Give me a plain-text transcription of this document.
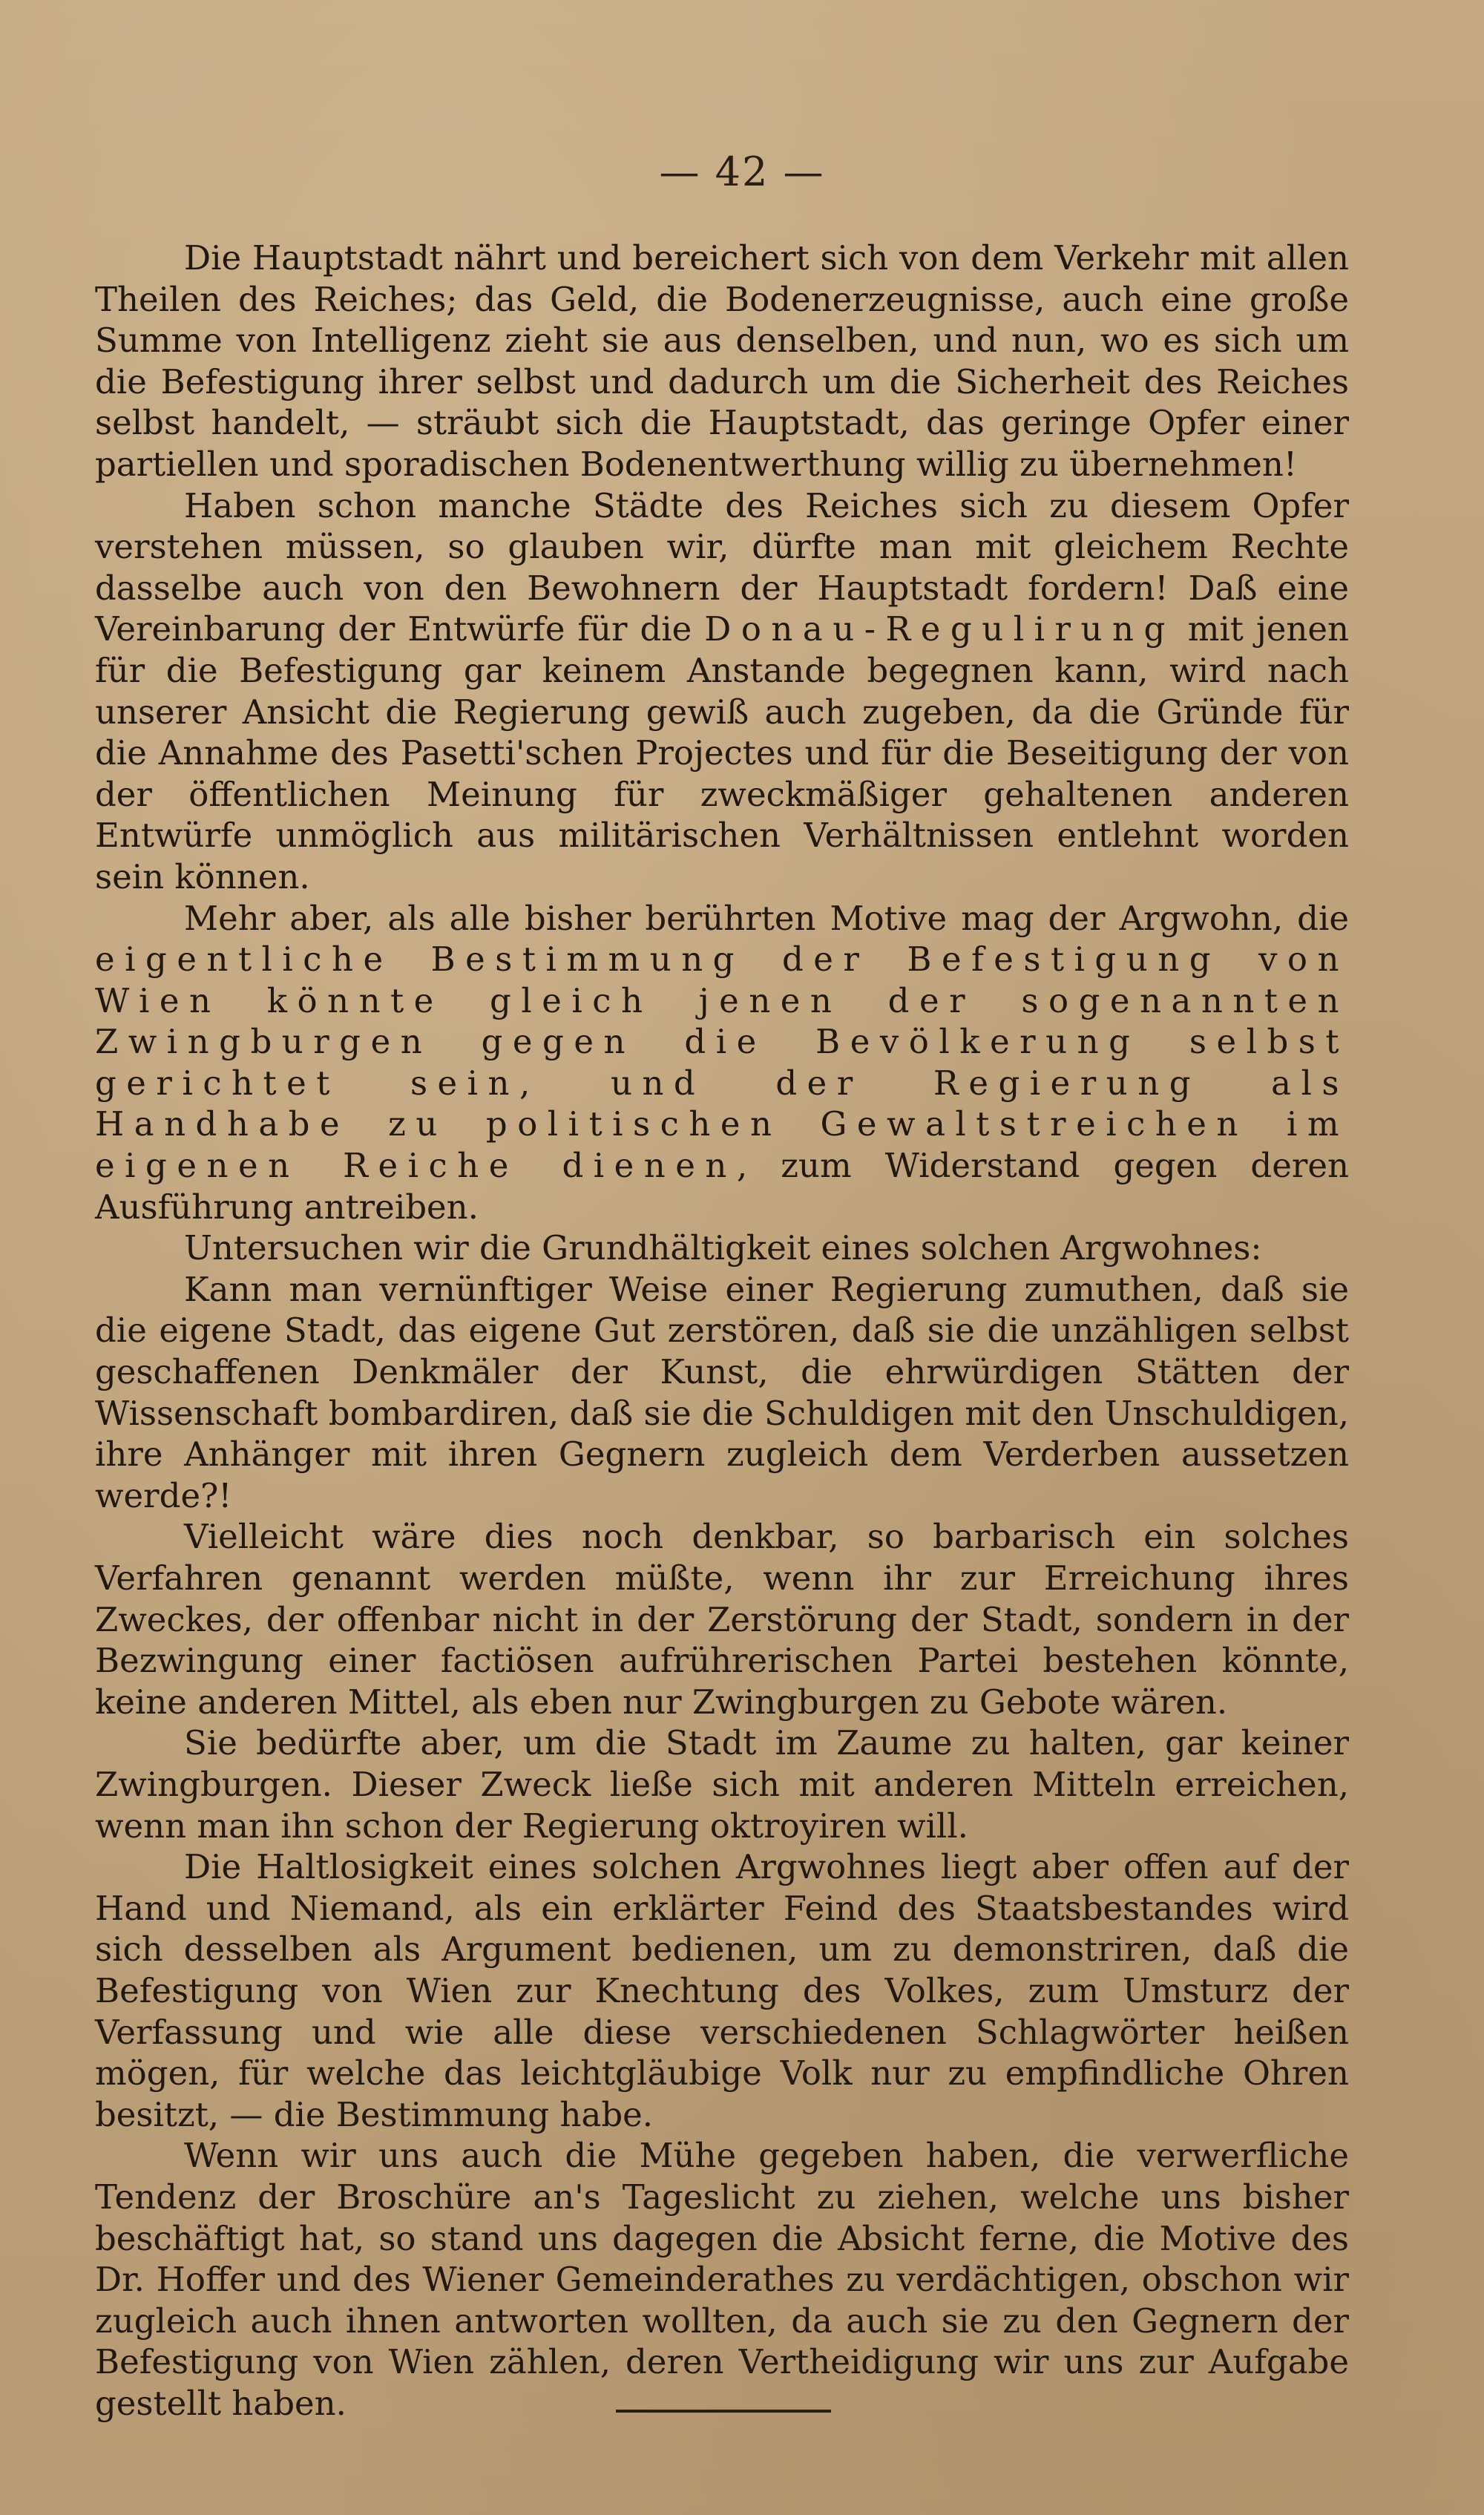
— 42 —

Die Hauptstadt nährt und bereichert sich von dem Verkehr mit allen Theilen des Reiches; das Geld, die Bodenerzeugnisse, auch eine große Summe von Intelligenz zieht sie aus denselben, und nun, wo es sich um die Befestigung ihrer selbst und dadurch um die Sicherheit des Reiches selbst handelt, — sträubt sich die Hauptstadt, das geringe Opfer einer partiellen und sporadischen Bodenentwerthung willig zu übernehmen!

Haben schon manche Städte des Reiches sich zu diesem Opfer verstehen müssen, so glauben wir, dürfte man mit gleichem Rechte dasselbe auch von den Bewohnern der Hauptstadt fordern! Daß eine Vereinbarung der Entwürfe für die Donau-Regulirung mit jenen für die Befestigung gar keinem Anstande begegnen kann, wird nach unserer Ansicht die Regierung gewiß auch zugeben, da die Gründe für die Annahme des Pasetti'schen Projectes und für die Beseitigung der von der öffentlichen Meinung für zweckmäßiger gehaltenen anderen Entwürfe unmöglich aus militärischen Verhältnissen entlehnt worden sein können.

Mehr aber, als alle bisher berührten Motive mag der Argwohn, die eigentliche Bestimmung der Befestigung von Wien könnte gleich jenen der sogenannten Zwingburgen gegen die Bevölkerung selbst gerichtet sein, und der Regierung als Handhabe zu politischen Gewaltstreichen im eigenen Reiche dienen, zum Widerstand gegen deren Ausführung antreiben.

Untersuchen wir die Grundhältigkeit eines solchen Argwohnes:

Kann man vernünftiger Weise einer Regierung zumuthen, daß sie die eigene Stadt, das eigene Gut zerstören, daß sie die unzähligen selbst geschaffenen Denkmäler der Kunst, die ehrwürdigen Stätten der Wissenschaft bombardiren, daß sie die Schuldigen mit den Unschuldigen, ihre Anhänger mit ihren Gegnern zugleich dem Verderben aussetzen werde?!

Vielleicht wäre dies noch denkbar, so barbarisch ein solches Verfahren genannt werden müßte, wenn ihr zur Erreichung ihres Zweckes, der offenbar nicht in der Zerstörung der Stadt, sondern in der Bezwingung einer factiösen aufrührerischen Partei bestehen könnte, keine anderen Mittel, als eben nur Zwingburgen zu Gebote wären.

Sie bedürfte aber, um die Stadt im Zaume zu halten, gar keiner Zwingburgen. Dieser Zweck ließe sich mit anderen Mitteln erreichen, wenn man ihn schon der Regierung oktroyiren will.

Die Haltlosigkeit eines solchen Argwohnes liegt aber offen auf der Hand und Niemand, als ein erklärter Feind des Staatsbestandes wird sich desselben als Argument bedienen, um zu demonstriren, daß die Befestigung von Wien zur Knechtung des Volkes, zum Umsturz der Verfassung und wie alle diese verschiedenen Schlagwörter heißen mögen, für welche das leichtgläubige Volk nur zu empfindliche Ohren besitzt, — die Bestimmung habe.

Wenn wir uns auch die Mühe gegeben haben, die verwerfliche Tendenz der Broschüre an's Tageslicht zu ziehen, welche uns bisher beschäftigt hat, so stand uns dagegen die Absicht ferne, die Motive des Dr. Hoffer und des Wiener Gemeinderathes zu verdächtigen, obschon wir zugleich auch ihnen antworten wollten, da auch sie zu den Gegnern der Befestigung von Wien zählen, deren Vertheidigung wir uns zur Aufgabe gestellt haben.
